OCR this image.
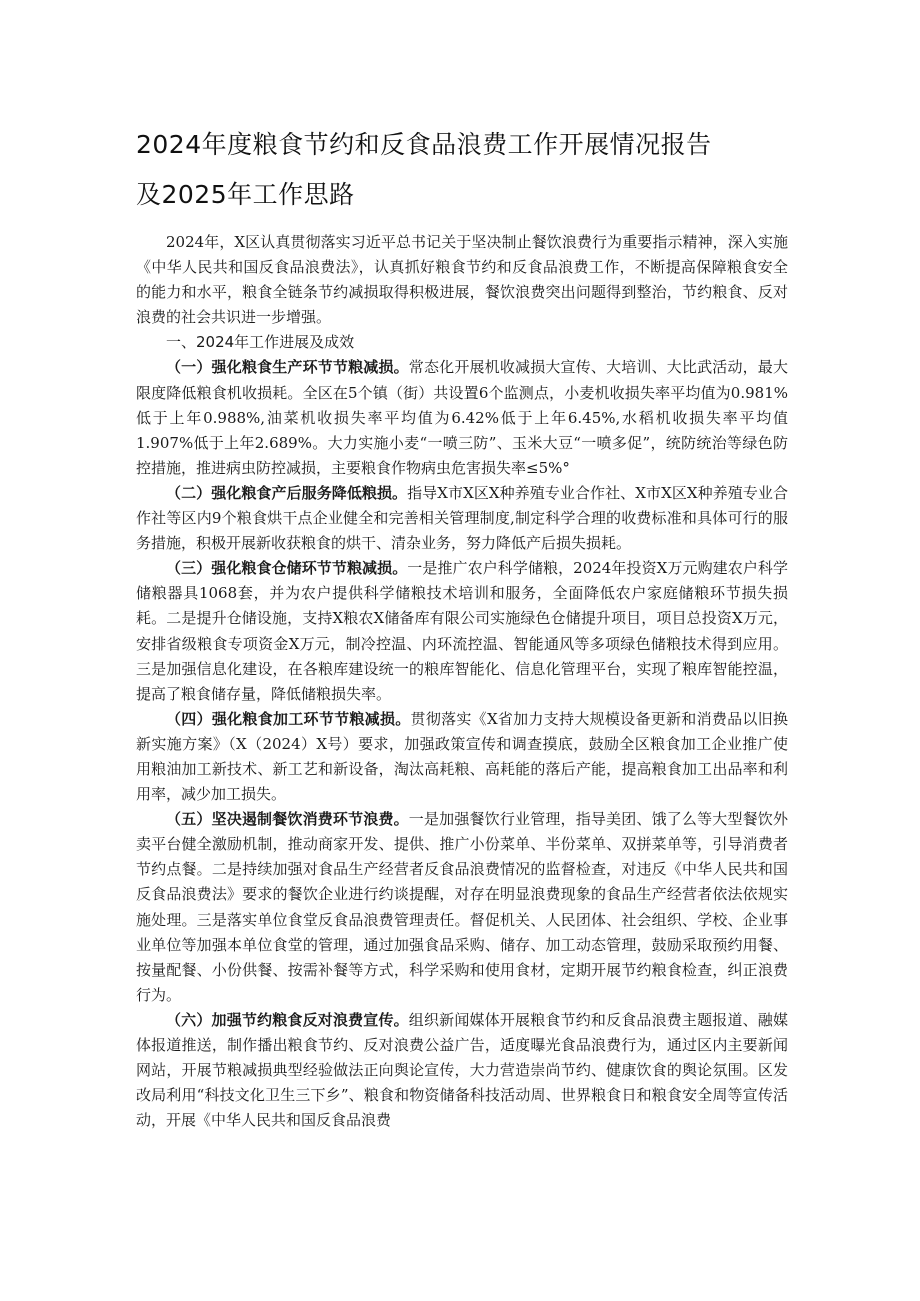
2024年度粮食节约和反食品浪费工作开展情况报告
及2025年工作思路

2024年，X区认真贯彻落实习近平总书记关于坚决制止餐饮浪费行为重要指示精神，深入实施《中华人民共和国反食品浪费法》，认真抓好粮食节约和反食品浪费工作，不断提高保障粮食安全的能力和水平，粮食全链条节约减损取得积极进展，餐饮浪费突出问题得到整治，节约粮食、反对浪费的社会共识进一步增强。

一、2024年工作进展及成效

（一）强化粮食生产环节节粮减损。常态化开展机收减损大宣传、大培训、大比武活动，最大限度降低粮食机收损耗。全区在5个镇（街）共设置6个监测点，小麦机收损失率平均值为0.981%低于上年0.988%,油菜机收损失率平均值为6.42%低于上年6.45%,水稻机收损失率平均值1.907%低于上年2.689%。大力实施小麦“一喷三防”、玉米大豆“一喷多促”，统防统治等绿色防控措施，推进病虫防控减损，主要粮食作物病虫危害损失率≤5%°

（二）强化粮食产后服务降低粮损。指导X市X区X种养殖专业合作社、X市X区X种养殖专业合作社等区内9个粮食烘干点企业健全和完善相关管理制度,制定科学合理的收费标准和具体可行的服务措施，积极开展新收获粮食的烘干、清杂业务，努力降低产后损失损耗。

（三）强化粮食仓储环节节粮减损。一是推广农户科学储粮，2024年投资X万元购建农户科学储粮器具1068套，并为农户提供科学储粮技术培训和服务，全面降低农户家庭储粮环节损失损耗。二是提升仓储设施，支持X粮农X储备库有限公司实施绿色仓储提升项目，项目总投资X万元，安排省级粮食专项资金X万元，制冷控温、内环流控温、智能通风等多项绿色储粮技术得到应用。三是加强信息化建设，在各粮库建设统一的粮库智能化、信息化管理平台，实现了粮库智能控温，提高了粮食储存量，降低储粮损失率。

（四）强化粮食加工环节节粮减损。贯彻落实《X省加力支持大规模设备更新和消费品以旧换新实施方案》（X（2024）X号）要求，加强政策宣传和调查摸底，鼓励全区粮食加工企业推广使用粮油加工新技术、新工艺和新设备，淘汰高耗粮、高耗能的落后产能，提高粮食加工出品率和利用率，减少加工损失。

（五）坚决遏制餐饮消费环节浪费。一是加强餐饮行业管理，指导美团、饿了么等大型餐饮外卖平台健全激励机制，推动商家开发、提供、推广小份菜单、半份菜单、双拼菜单等，引导消费者节约点餐。二是持续加强对食品生产经营者反食品浪费情况的监督检查，对违反《中华人民共和国反食品浪费法》要求的餐饮企业进行约谈提醒，对存在明显浪费现象的食品生产经营者依法依规实施处理。三是落实单位食堂反食品浪费管理责任。督促机关、人民团体、社会组织、学校、企业事业单位等加强本单位食堂的管理，通过加强食品采购、储存、加工动态管理，鼓励采取预约用餐、按量配餐、小份供餐、按需补餐等方式，科学采购和使用食材，定期开展节约粮食检查，纠正浪费行为。

（六）加强节约粮食反对浪费宣传。组织新闻媒体开展粮食节约和反食品浪费主题报道、融媒体报道推送，制作播出粮食节约、反对浪费公益广告，适度曝光食品浪费行为，通过区内主要新闻网站，开展节粮减损典型经验做法正向舆论宣传，大力营造崇尚节约、健康饮食的舆论氛围。区发改局利用“科技文化卫生三下乡”、粮食和物资储备科技活动周、世界粮食日和粮食安全周等宣传活动，开展《中华人民共和国反食品浪费
